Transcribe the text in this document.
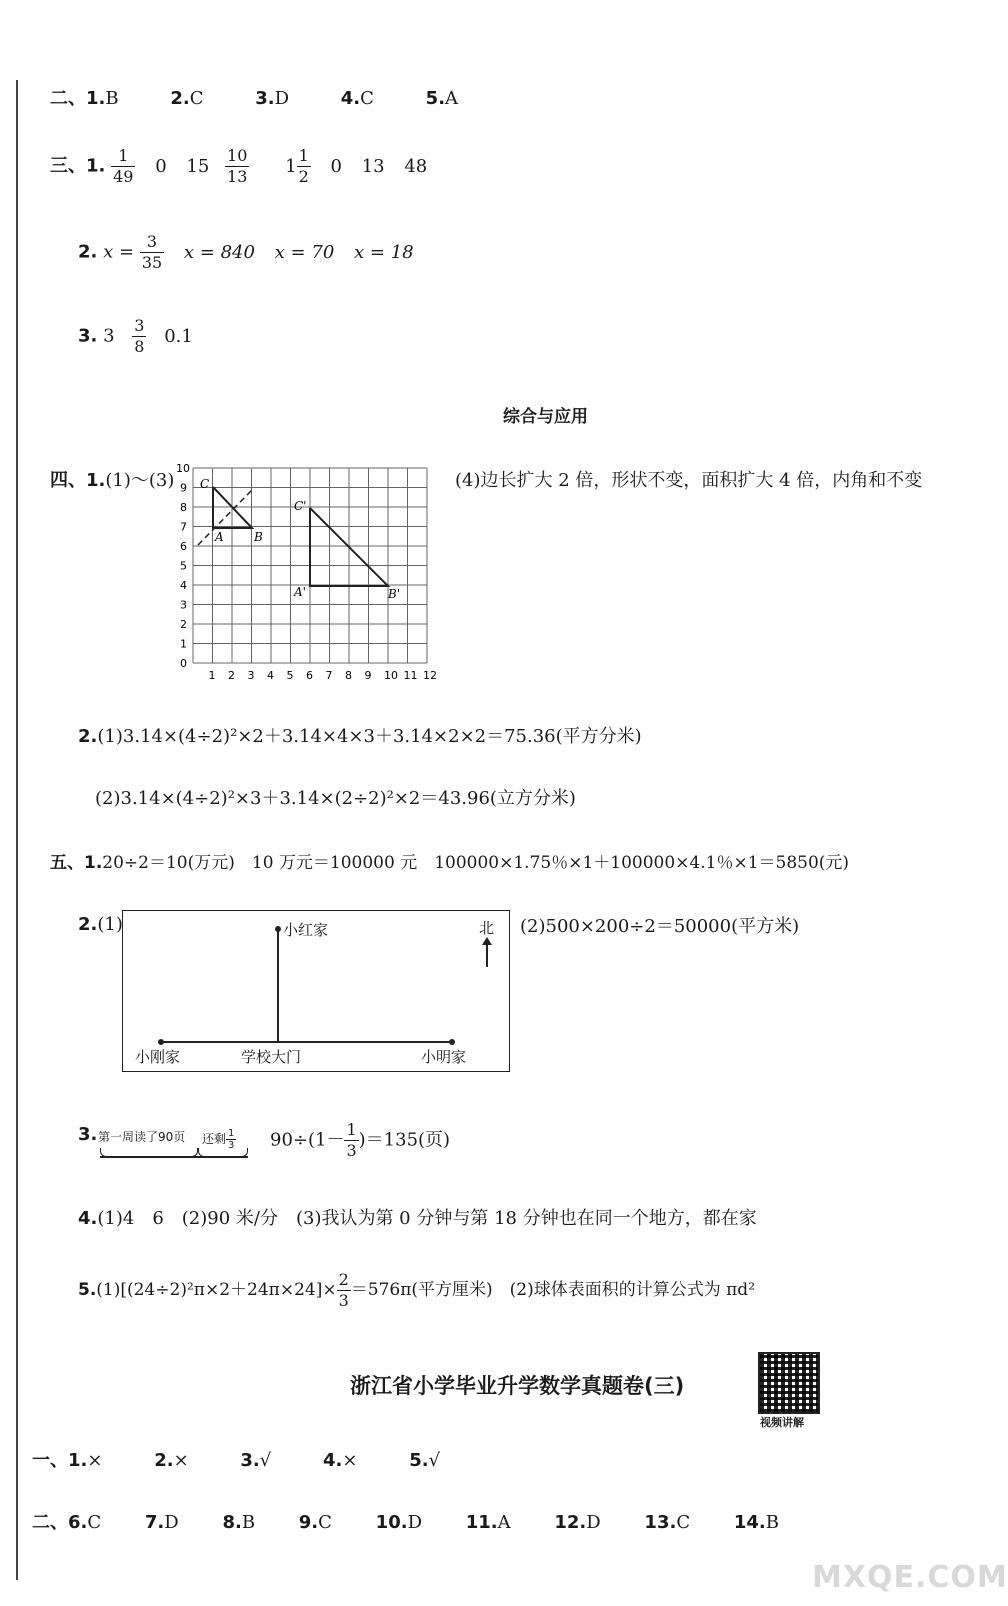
二、1.B	2.C	3.D	4.C	5.A
三、1. $\frac{1}{49} 0$ $15 \frac{10}{13} 1 \frac{1}{2} 0$ 13 48
2. $x = \frac{3}{35}$ x = 840 x = 70 x = 18
3. $3 \frac{3}{8} 0.1$
综合与应用
四、1.(1)～(3)	(4)边长扩大 2 倍，形状不变，面积扩大 4 倍，内角和不变
1 2 3 4 5 6 7 8 9 10 11 12
0
1
2
3
4
5
6
7
8
9
10
C
A	B
C'
A'	B'
2.(1)3.14×(4÷2)²×2＋3.14×4×3＋3.14×2×2＝75.36(平方分米)
(2)3.14×(4÷2)²×3＋3.14×(2÷2)²×2＝43.96(立方分米)
五、1.20÷2＝10(万元)　10 万元＝100000 元　100000×1.75％×1＋100000×4.1％×1＝5850(元)
2.(1)	小红家
小刚家	学校大门	小明家
北 (2)500×200÷2＝50000(平方米)
3. 第一周读了90页 还剩 $\frac{1}{3} 90\div(1- \frac{1}{3} )=135$(页)
4.(1)4　6　(2)90 米/分　(3)我认为第 0 分钟与第 18 分钟也在同一个地方，都在家
$5.(1)[(24\div 2)^2\pi\times 2+24\pi\times 24]\times \frac{2}{3} =576\pi$(平方厘米)　(2)球体表面积的计算公式为 πd²
浙江省小学毕业升学数学真题卷(三)
视频讲解
一、1.×	2.×	3.√	4.×	5.√
二、6.C 7.D 8.B 9.C 10.D 11.A 12.D 13.C 14.B
MXQE.COM
